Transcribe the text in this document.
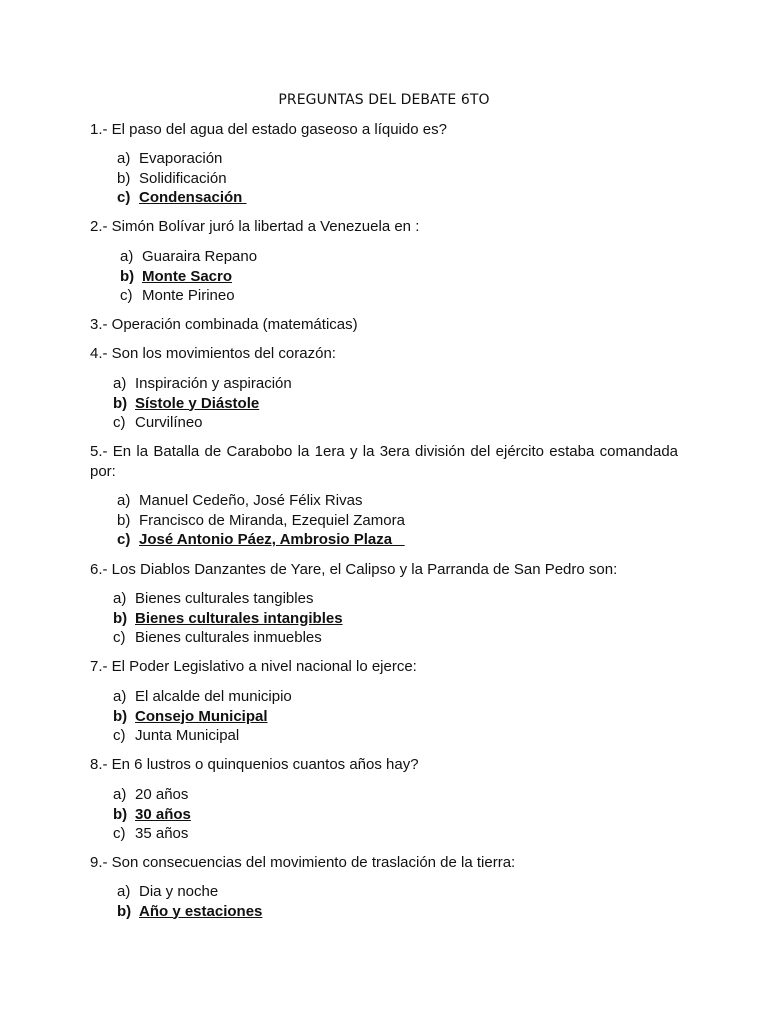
PREGUNTAS DEL DEBATE 6TO
1.- El paso del agua del estado gaseoso a líquido es?
a) Evaporación
b) Solidificación
c) Condensación
2.- Simón Bolívar juró la libertad a Venezuela en :
a) Guaraira Repano
b) Monte Sacro
c) Monte Pirineo
3.- Operación combinada (matemáticas)
4.- Son los movimientos del corazón:
a) Inspiración y aspiración
b) Sístole y Diástole
c) Curvilíneo
5.- En la Batalla de Carabobo la 1era y la 3era división del ejército estaba comandada por:
a) Manuel Cedeño, José Félix Rivas
b) Francisco de Miranda, Ezequiel Zamora
c) José Antonio Páez, Ambrosio Plaza
6.- Los Diablos Danzantes de Yare, el Calipso y la Parranda de San Pedro son:
a) Bienes culturales tangibles
b) Bienes culturales intangibles
c) Bienes culturales inmuebles
7.- El Poder Legislativo a nivel nacional lo ejerce:
a) El alcalde del municipio
b) Consejo Municipal
c) Junta Municipal
8.- En 6 lustros o quinquenios cuantos años hay?
a) 20 años
b) 30 años
c) 35 años
9.- Son consecuencias del movimiento de traslación de la tierra:
a) Dia y noche
b) Año y estaciones
